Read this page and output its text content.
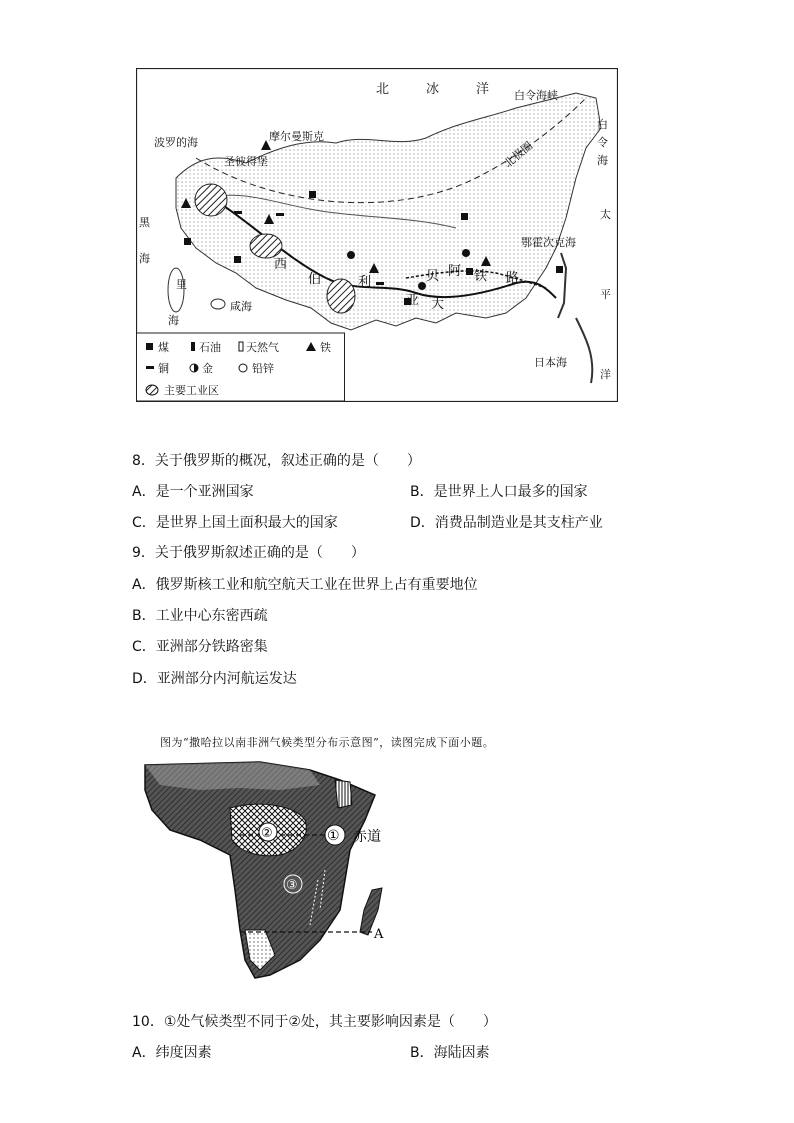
北	冰	洋 白令海峡
白
令
海
太
平
洋
鄂霍次克海
日本海
波罗的海	摩尔曼斯克
圣彼得堡
黑
海
里
海
咸海
北极圈
西
伯	利
亚
贝 阿 铁 路
大
煤	石油 天然气	铁
铜	金	铅锌
主要工业区
8．关于俄罗斯的概况，叙述正确的是（　　）
A．是一个亚洲国家	B．是世界上人口最多的国家
C．是世界上国土面积最大的国家	D．消费品制造业是其支柱产业
9．关于俄罗斯叙述正确的是（　　）
A．俄罗斯核工业和航空航天工业在世界上占有重要地位
B．工业中心东密西疏
C．亚洲部分铁路密集
D．亚洲部分内河航运发达
图为“撒哈拉以南非洲气候类型分布示意图”，读图完成下面小题。
②	① 赤道
③
A
10．①处气候类型不同于②处，其主要影响因素是（　　）
A．纬度因素	B．海陆因素
